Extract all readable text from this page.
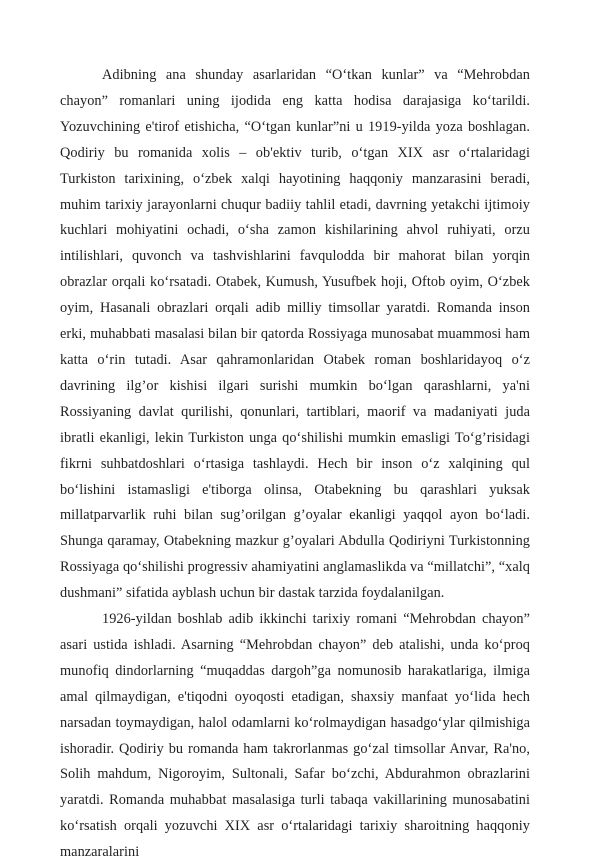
Adibning ana shunday asarlaridan “O‘tkan kunlar” va “Mehrobdan chayon” romanlari uning ijodida eng katta hodisa darajasiga ko‘tarildi. Yozuvchining e'tirof etishicha, “O‘tgan kunlar”ni u 1919-yilda yoza boshlagan. Qodiriy bu romanida xolis – ob'ektiv turib, o‘tgan XIX asr o‘rtalaridagi Turkiston tarixining, o‘zbek xalqi hayotining haqqoniy manzarasini beradi, muhim tarixiy jarayonlarni chuqur badiiy tahlil etadi, davrning yetakchi ijtimoiy kuchlari mohiyatini ochadi, o‘sha zamon kishilarining ahvol ruhiyati, orzu intilishlari, quvonch va tashvishlarini favqulodda bir mahorat bilan yorqin obrazlar orqali ko‘rsatadi. Otabek, Kumush, Yusufbek hoji, Oftob oyim, O‘zbek oyim, Hasanali obrazlari orqali adib milliy timsollar yaratdi. Romanda inson erki, muhabbati masalasi bilan bir qatorda Rossiyaga munosabat muammosi ham katta o‘rin tutadi. Asar qahramonlaridan Otabek roman boshlaridayoq o‘z davrining ilg’or kishisi ilgari surishi mumkin bo‘lgan qarashlarni, ya'ni Rossiyaning davlat qurilishi, qonunlari, tartiblari, maorif va madaniyati juda ibratli ekanligi, lekin Turkiston unga qo‘shilishi mumkin emasligi To‘g’risidagi fikrni suhbatdoshlari o‘rtasiga tashlaydi. Hech bir inson o‘z xalqining qul bo‘lishini istamasligi e'tiborga olinsa, Otabekning bu qarashlari yuksak millatparvarlik ruhi bilan sug’orilgan g’oyalar ekanligi yaqqol ayon bo‘ladi. Shunga qaramay, Otabekning mazkur g’oyalari Abdulla Qodiriyni Turkistonning Rossiyaga qo‘shilishi progressiv ahamiyatini anglamaslikda va “millatchi”, “xalq dushmani” sifatida ayblash uchun bir dastak tarzida foydalanilgan.

1926-yildan boshlab adib ikkinchi tarixiy romani “Mehrobdan chayon” asari ustida ishladi. Asarning “Mehrobdan chayon” deb atalishi, unda ko‘proq munofiq dindorlarning “muqaddas dargoh”ga nomunosib harakatlariga, ilmiga amal qilmaydigan, e'tiqodni oyoqosti etadigan, shaxsiy manfaat yo‘lida hech narsadan toymaydigan, halol odamlarni ko‘rolmaydigan hasadgo‘ylar qilmishiga ishoradir. Qodiriy bu romanda ham takrorlanmas go‘zal timsollar Anvar, Ra'no, Solih mahdum, Nigoroyim, Sultonali, Safar bo‘zchi, Abdurahmon obrazlarini yaratdi. Romanda muhabbat masalasiga turli tabaqa vakillarining munosabatini ko‘rsatish orqali yozuvchi XIX asr o‘rtalaridagi tarixiy sharoitning haqqoniy manzaralarini
